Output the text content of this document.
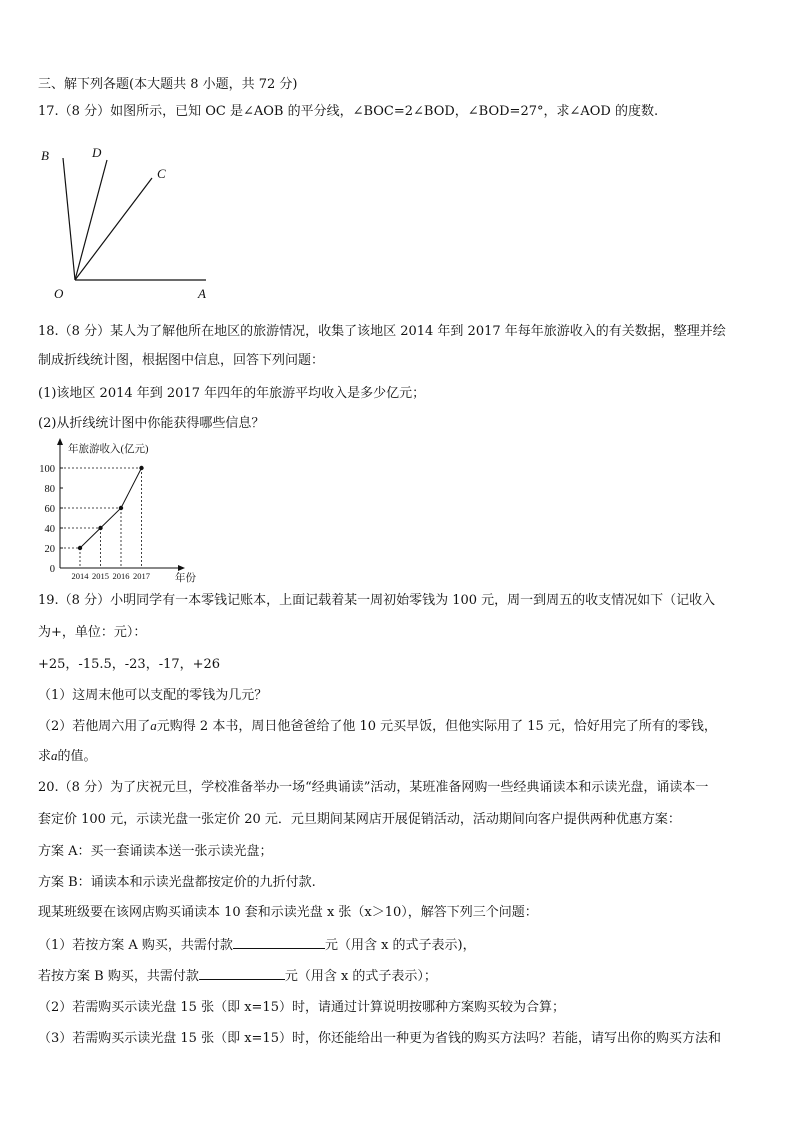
三、解下列各题(本大题共 8 小题，共 72 分)
17.（8 分）如图所示，已知 OC 是∠AOB 的平分线，∠BOC=2∠BOD，∠BOD=27°，求∠AOD 的度数.
B	D
C
O	A
18.（8 分）某人为了解他所在地区的旅游情况，收集了该地区 2014 年到 2017 年每年旅游收入的有关数据，整理并绘
制成折线统计图，根据图中信息，回答下列问题：
(1)该地区 2014 年到 2017 年四年的年旅游平均收入是多少亿元；
(2)从折线统计图中你能获得哪些信息？
年旅游收入(亿元)
0
20
40
60
80
100
2014 2015 2016 2017 年份
19.（8 分）小明同学有一本零钱记账本，上面记载着某一周初始零钱为 100 元，周一到周五的收支情况如下（记收入
为+，单位：元）：
+25，-15.5，-23，-17，+26
（1）这周末他可以支配的零钱为几元？
（2）若他周六用了a元购得 2 本书，周日他爸爸给了他 10 元买早饭，但他实际用了 15 元，恰好用完了所有的零钱，
求a的值。
20.（8 分）为了庆祝元旦，学校准备举办一场“经典诵读”活动，某班准备网购一些经典诵读本和示读光盘，诵读本一
套定价 100 元，示读光盘一张定价 20 元．元旦期间某网店开展促销活动，活动期间向客户提供两种优惠方案：
方案 A：买一套诵读本送一张示读光盘；
方案 B：诵读本和示读光盘都按定价的九折付款.
现某班级要在该网店购买诵读本 10 套和示读光盘 x 张（x＞10），解答下列三个问题：
（1）若按方案 A 购买，共需付款	元（用含 x 的式子表示)，
若按方案 B 购买，共需付款	元（用含 x 的式子表示）；
（2）若需购买示读光盘 15 张（即 x=15）时，请通过计算说明按哪种方案购买较为合算；
（3）若需购买示读光盘 15 张（即 x=15）时，你还能给出一种更为省钱的购买方法吗？若能，请写出你的购买方法和
